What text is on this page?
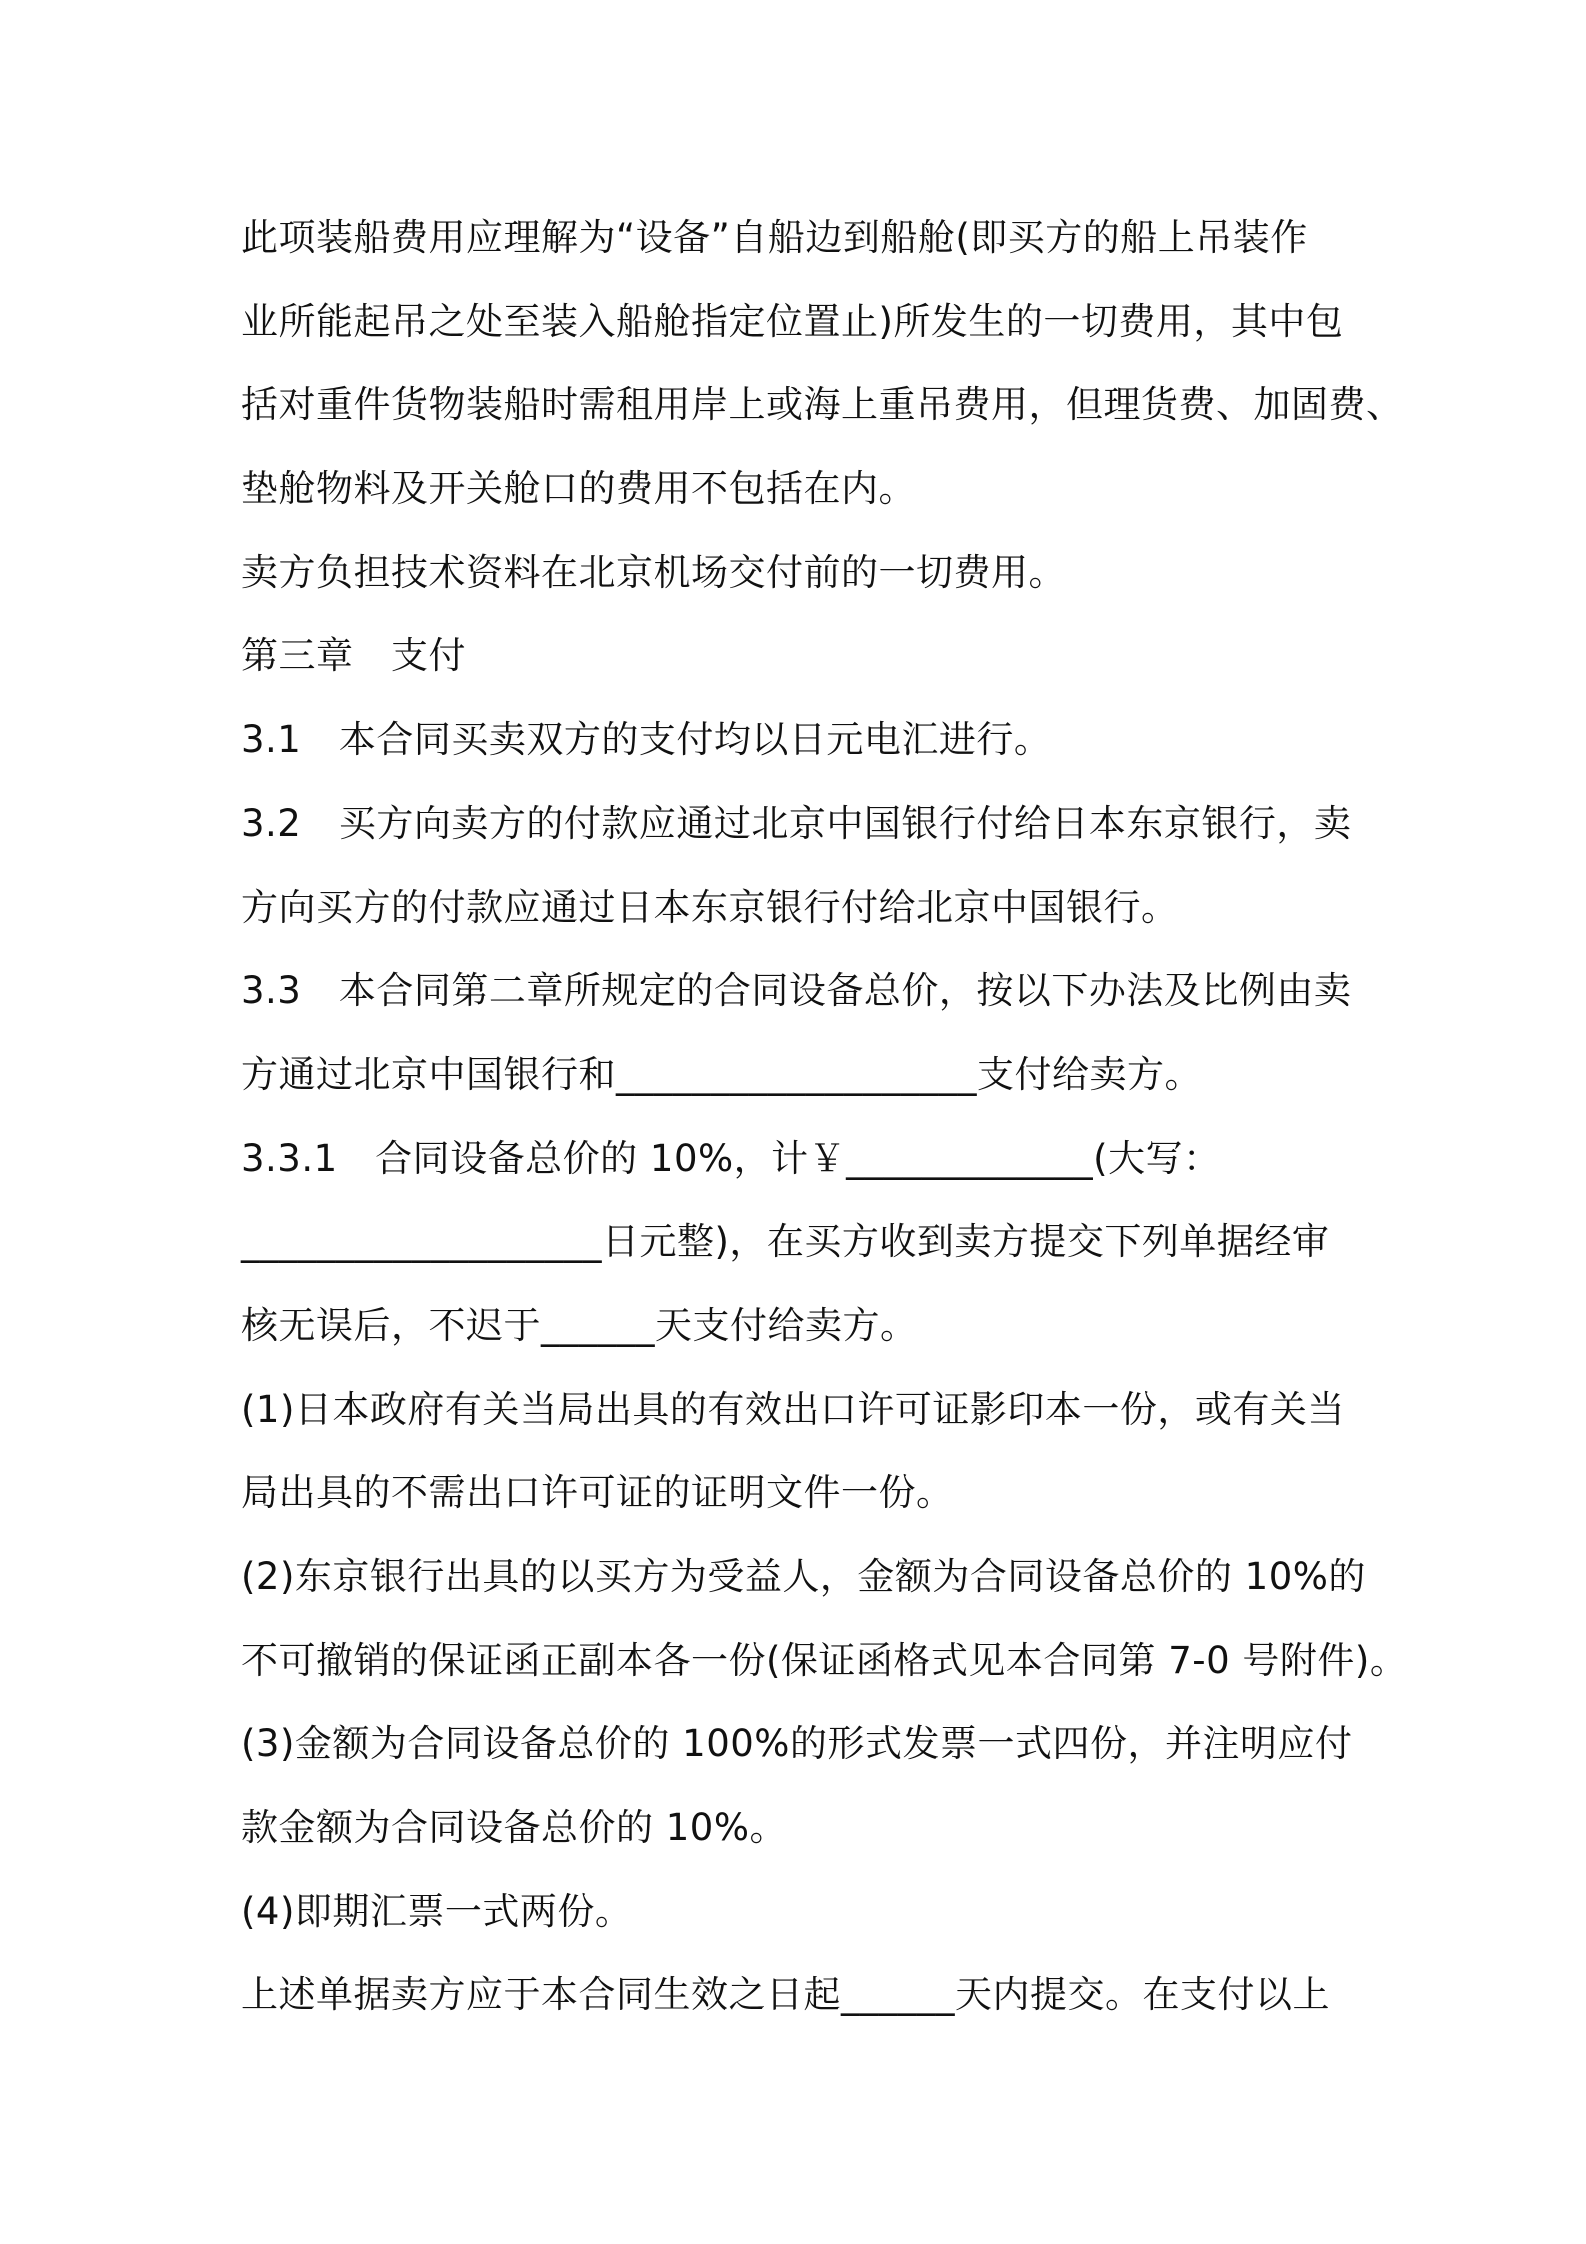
此项装船费用应理解为“设备”自船边到船舱(即买方的船上吊装作
业所能起吊之处至装入船舱指定位置止)所发生的一切费用，其中包
括对重件货物装船时需租用岸上或海上重吊费用，但理货费、加固费、
垫舱物料及开关舱口的费用不包括在内。
卖方负担技术资料在北京机场交付前的一切费用。
第三章　支付
3.1　本合同买卖双方的支付均以日元电汇进行。
3.2　买方向卖方的付款应通过北京中国银行付给日本东京银行，卖
方向买方的付款应通过日本东京银行付给北京中国银行。
3.3　本合同第二章所规定的合同设备总价，按以下办法及比例由卖
方通过北京中国银行和___________________支付给卖方。
3.3.1　合同设备总价的 10%，计￥_____________(大写：
___________________日元整)，在买方收到卖方提交下列单据经审
核无误后，不迟于______天支付给卖方。
(1)日本政府有关当局出具的有效出口许可证影印本一份，或有关当
局出具的不需出口许可证的证明文件一份。
(2)东京银行出具的以买方为受益人，金额为合同设备总价的 10%的
不可撤销的保证函正副本各一份(保证函格式见本合同第 7-0 号附件)。
(3)金额为合同设备总价的 100%的形式发票一式四份，并注明应付
款金额为合同设备总价的 10%。
(4)即期汇票一式两份。
上述单据卖方应于本合同生效之日起______天内提交。在支付以上
